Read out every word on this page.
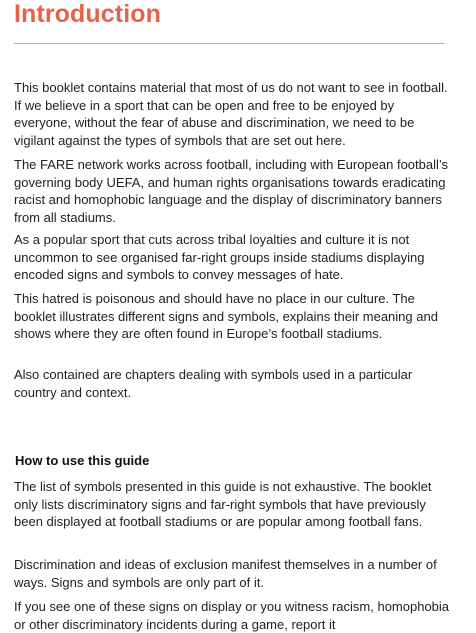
Introduction

This booklet contains material that most of us do not want to see in football. If we believe in a sport that can be open and free to be enjoyed by everyone, without the fear of abuse and discrimination, we need to be vigilant against the types of symbols that are set out here.

The FARE network works across football, including with European football’s governing body UEFA, and human rights organisations towards eradicating racist and homophobic language and the display of discriminatory banners from all stadiums.

As a popular sport that cuts across tribal loyalties and culture it is not uncommon to see organised far-right groups inside stadiums displaying encoded signs and symbols to convey messages of hate.

This hatred is poisonous and should have no place in our culture. The booklet illustrates different signs and symbols, explains their meaning and shows where they are often found in Europe’s football stadiums.

Also contained are chapters dealing with symbols used in a particular country and context.

How to use this guide

The list of symbols presented in this guide is not exhaustive. The booklet only lists discriminatory signs and far-right symbols that have previously been displayed at football stadiums or are popular among football fans.

Discrimination and ideas of exclusion manifest themselves in a number of ways. Signs and symbols are only part of it.

If you see one of these signs on display or you witness racism, homophobia or other discriminatory incidents during a game, report it
